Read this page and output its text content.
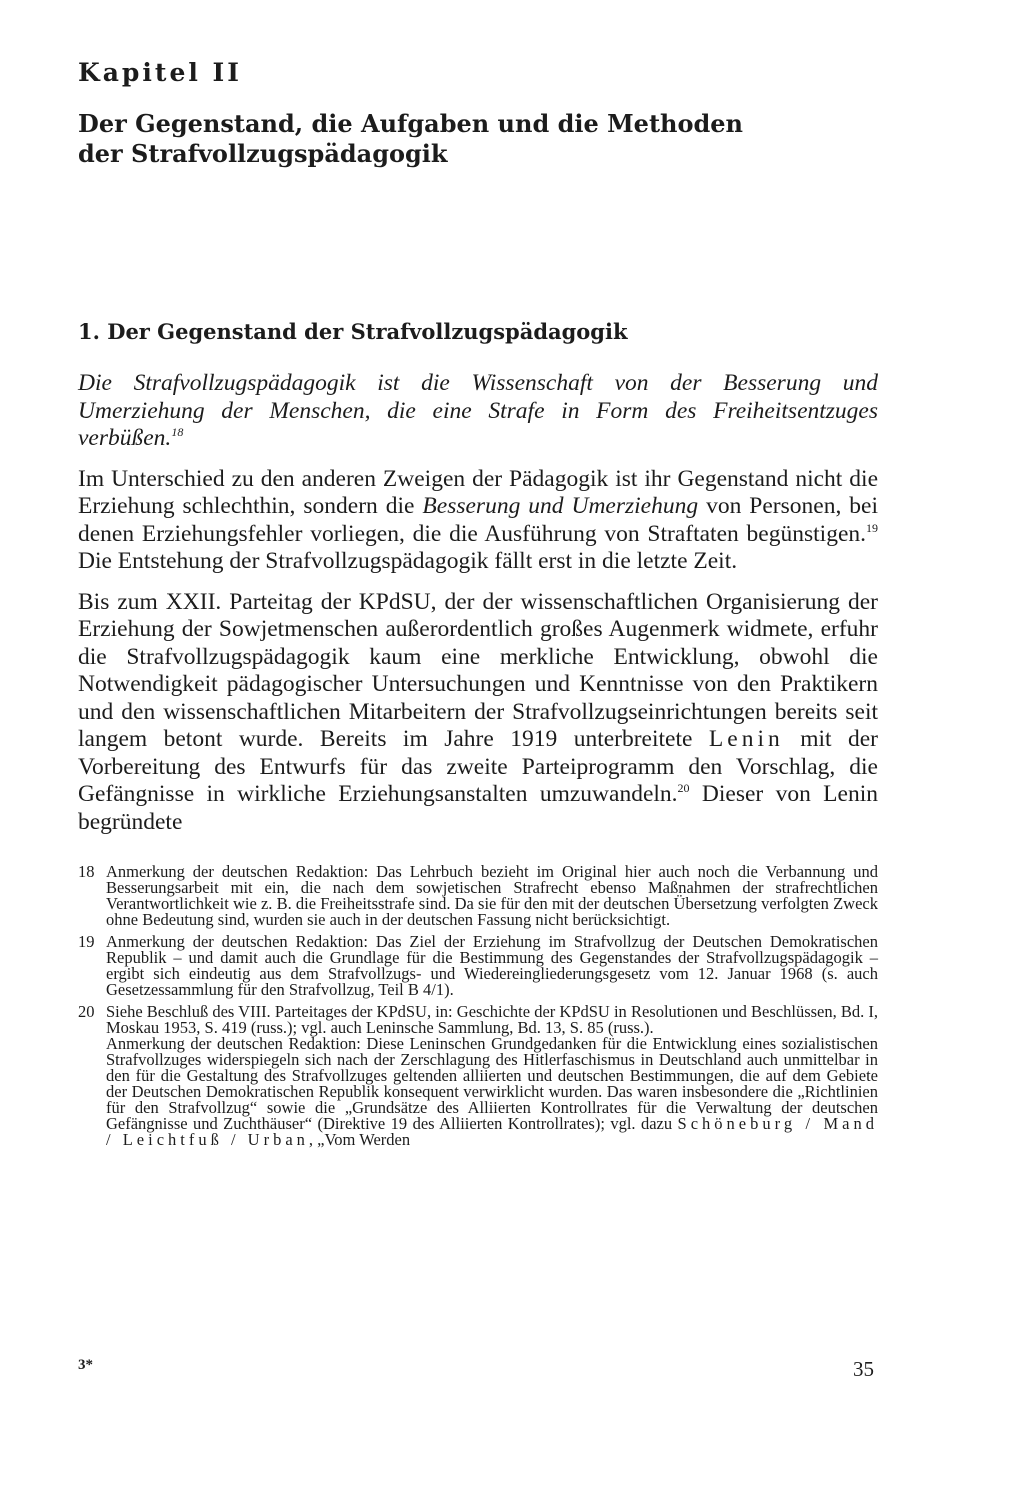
Kapitel II
Der Gegenstand, die Aufgaben und die Methoden
der Strafvollzugspädagogik
1. Der Gegenstand der Strafvollzugspädagogik

Die Strafvollzugspädagogik ist die Wissenschaft von der Besserung und Umerziehung der Menschen, die eine Strafe in Form des Freiheitsentzuges verbüßen.$^{18}$

Im Unterschied zu den anderen Zweigen der Pädagogik ist ihr Gegenstand nicht die Erziehung schlechthin, sondern die Besserung und Umerziehung von Personen, bei denen Erziehungsfehler vorliegen, die die Ausführung von Straftaten begünstigen.$^{19}$ Die Entstehung der Strafvollzugspädagogik fällt erst in die letzte Zeit.

Bis zum XXII. Parteitag der KPdSU, der der wissenschaftlichen Organisierung der Erziehung der Sowjetmenschen außerordentlich großes Augenmerk widmete, erfuhr die Strafvollzugspädagogik kaum eine merkliche Entwicklung, obwohl die Notwendigkeit pädagogischer Untersuchungen und Kenntnisse von den Praktikern und den wissenschaftlichen Mitarbeitern der Strafvollzugseinrichtungen bereits seit langem betont wurde. Bereits im Jahre 1919 unterbreitete Lenin mit der Vorbereitung des Entwurfs für das zweite Parteiprogramm den Vorschlag, die Gefängnisse in wirkliche Erziehungsanstalten umzuwandeln.$^{20}$ Dieser von Lenin begründete

18 Anmerkung der deutschen Redaktion: Das Lehrbuch bezieht im Original hier auch noch die Verbannung und Besserungsarbeit mit ein, die nach dem sowjetischen Strafrecht ebenso Maßnahmen der strafrechtlichen Verantwortlichkeit wie z. B. die Freiheitsstrafe sind. Da sie für den mit der deutschen Übersetzung verfolgten Zweck ohne Bedeutung sind, wurden sie auch in der deutschen Fassung nicht berücksichtigt.
19 Anmerkung der deutschen Redaktion: Das Ziel der Erziehung im Strafvollzug der Deutschen Demokratischen Republik – und damit auch die Grundlage für die Bestimmung des Gegenstandes der Strafvollzugspädagogik – ergibt sich eindeutig aus dem Strafvollzugs- und Wiedereingliederungsgesetz vom 12. Januar 1968 (s. auch Gesetzessammlung für den Strafvollzug, Teil B 4/1).
20 Siehe Beschluß des VIII. Parteitages der KPdSU, in: Geschichte der KPdSU in Resolutionen und Beschlüssen, Bd. I, Moskau 1953, S. 419 (russ.); vgl. auch Leninsche Sammlung, Bd. 13, S. 85 (russ.).
Anmerkung der deutschen Redaktion: Diese Leninschen Grundgedanken für die Entwicklung eines sozialistischen Strafvollzuges widerspiegeln sich nach der Zerschlagung des Hitlerfaschismus in Deutschland auch unmittelbar in den für die Gestaltung des Strafvollzuges geltenden alliierten und deutschen Bestimmungen, die auf dem Gebiete der Deutschen Demokratischen Republik konsequent verwirklicht wurden. Das waren insbesondere die „Richtlinien für den Strafvollzug“ sowie die „Grundsätze des Alliierten Kontrollrates für die Verwaltung der deutschen Gefängnisse und Zuchthäuser“ (Direktive 19 des Alliierten Kontrollrates); vgl. dazu Schöneburg / Mand / Leichtfuß / Urban, „Vom Werden
3*	35
